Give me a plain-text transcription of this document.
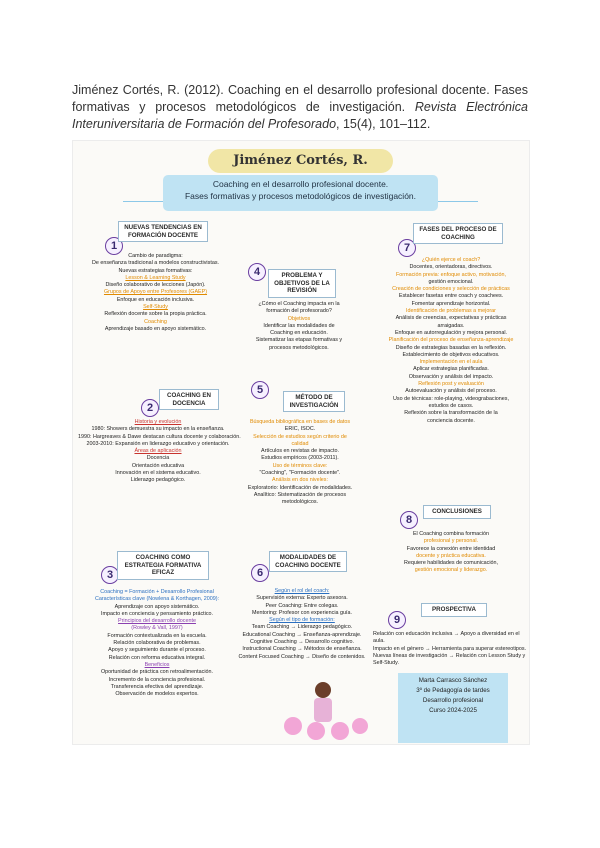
Jiménez Cortés, R. (2012). Coaching en el desarrollo profesional docente. Fases formativas y procesos metodológicos de investigación. Revista Electrónica Interuniversitaria de Formación del Profesorado, 15(4), 101–112.
Jiménez Cortés, R.
Coaching en el desarrollo profesional docente.
Fases formativas y procesos metodológicos de investigación.
1
NUEVAS TENDENCIAS EN FORMACIÓN DOCENTE
Cambio de paradigma:
De enseñanza tradicional a modelos constructivistas.
Nuevas estrategias formativas:
Lesson & Learning Study
Diseño colaborativo de lecciones (Japón).
Grupos de Apoyo entre Profesores (GAEP)
Enfoque en educación inclusiva.
Self-Study
Reflexión docente sobre la propia práctica.
Coaching
Aprendizaje basado en apoyo sistemático.
2
COACHING EN DOCENCIA
Historia y evolución
1980: Showers demuestra su impacto en la enseñanza.
1990: Hargreaves & Dawe destacan cultura docente y colaboración.
2003-2010: Expansión en liderazgo educativo y orientación.
Áreas de aplicación
Docencia
Orientación educativa
Innovación en el sistema educativo.
Liderazgo pedagógico.
3
COACHING COMO ESTRATEGIA FORMATIVA EFICAZ
Coaching = Formación + Desarrollo Profesional
Características clave (Nowlena & Korthagen, 2009):
Aprendizaje con apoyo sistemático.
Impacto en conciencia y pensamiento práctico.
Principios del desarrollo docente
(Rowley & Vall, 1997)
Formación contextualizada en la escuela.
Relación colaborativa de problemas.
Apoyo y seguimiento durante el proceso.
Relación con reforma educativa integral.
Beneficios
Oportunidad de práctica con retroalimentación.
Incremento de la conciencia profesional.
Transferencia efectiva del aprendizaje.
Observación de modelos expertos.
4	PROBLEMA Y OBJETIVOS DE LA REVISIÓN
¿Cómo el Coaching impacta en la
formación del profesorado?
Objetivos
Identificar las modalidades de
Coaching en educación.
Sistematizar las etapas formativas y
procesos metodológicos.
5
MÉTODO DE INVESTIGACIÓN
Búsqueda bibliográfica en bases de datos
ERIC, ISOC.
Selección de estudios según criterio de
calidad
Artículos en revistas de impacto.
Estudios empíricos (2003-2011).
Uso de términos clave:
"Coaching", "Formación docente".
Análisis en dos niveles:
Exploratorio: Identificación de modalidades.
Analítico: Sistematización de procesos
metodológicos.
6
MODALIDADES DE COACHING DOCENTE
Según el rol del coach:
Supervisión externa: Experto asesora.
Peer Coaching: Entre colegas.
Mentoring: Profesor con experiencia guía.
Según el tipo de formación:
Team Coaching → Liderazgo pedagógico.
Educational Coaching → Enseñanza-aprendizaje.
Cognitive Coaching → Desarrollo cognitivo.
Instructional Coaching → Métodos de enseñanza.
Content Focused Coaching → Diseño de contenidos.
7
FASES DEL PROCESO DE COACHING
¿Quién ejerce el coach?
Docentes, orientadoras, directivos.
Formación previa: enfoque activo, motivación,
gestión emocional.
Creación de condiciones y selección de prácticas
Establecer fasetas entre coach y coachees.
Fomentar aprendizaje horizontal.
Identificación de problemas a mejorar
Análisis de creencias, expectativas y prácticas
arraigadas.
Enfoque en autorregulación y mejora personal.
Planificación del proceso de enseñanza-aprendizaje
Diseño de estrategias basadas en la reflexión.
Establecimiento de objetivos educativos.
Implementación en el aula
Aplicar estrategias planificadas.
Observación y análisis del impacto.
Reflexión post y evaluación
Autoevaluación y análisis del proceso.
Uso de técnicas: role-playing, videograbaciones,
estudios de casos.
Reflexión sobre la transformación de la
conciencia docente.
8
CONCLUSIONES
El Coaching combina formación
profesional y personal.
Favorece la conexión entre identidad
docente y práctica educativa.
Requiere habilidades de comunicación,
gestión emocional y liderazgo.
9
PROSPECTIVA
Relación con educación inclusiva → Apoyo a diversidad en el aula.
Impacto en el género → Herramienta para superar estereotipos.
Nuevas líneas de investigación → Relación con Lesson Study y Self-Study.
Marta Carrasco Sánchez
3º de Pedagogía de tardes
Desarrollo profesional
Curso 2024-2025
